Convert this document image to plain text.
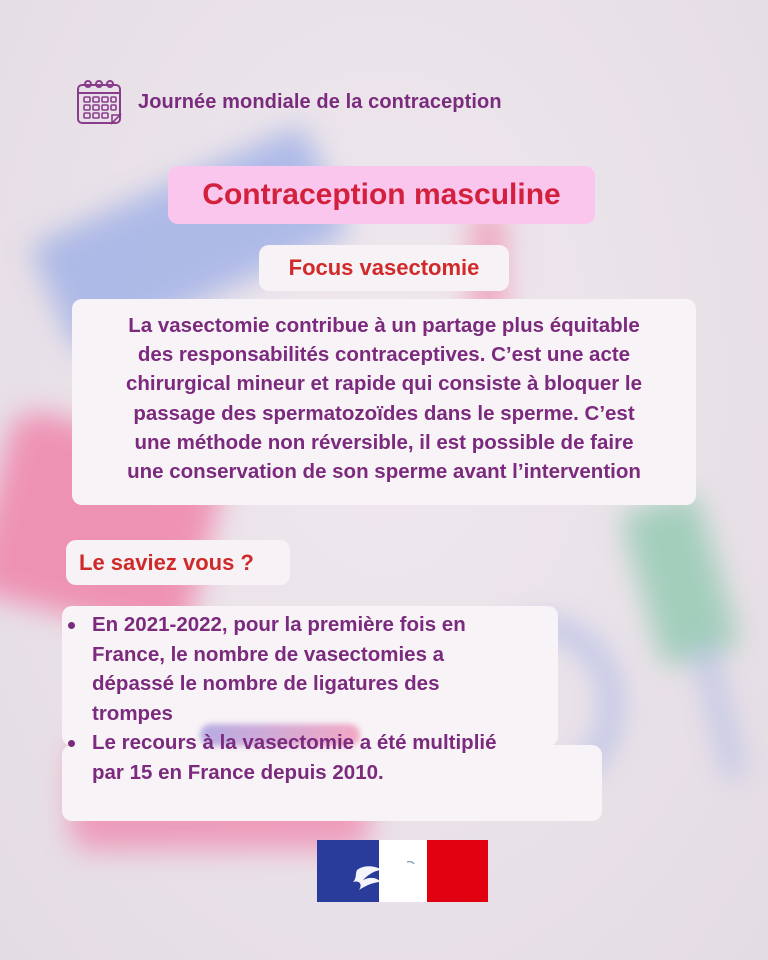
Journée mondiale de la contraception
Contraception masculine
Focus vasectomie
La vasectomie contribue à un partage plus équitable
des responsabilités contraceptives. C’est une acte
chirurgical mineur et rapide qui consiste à bloquer le
passage des spermatozoïdes dans le sperme. C’est
une méthode non réversible, il est possible de faire
une conservation de son sperme avant l’intervention
Le saviez vous ?
En 2021-2022, pour la première fois en
France, le nombre de vasectomies a
dépassé le nombre de ligatures des
trompes
Le recours à la vasectomie a été multiplié
par 15 en France depuis 2010.
